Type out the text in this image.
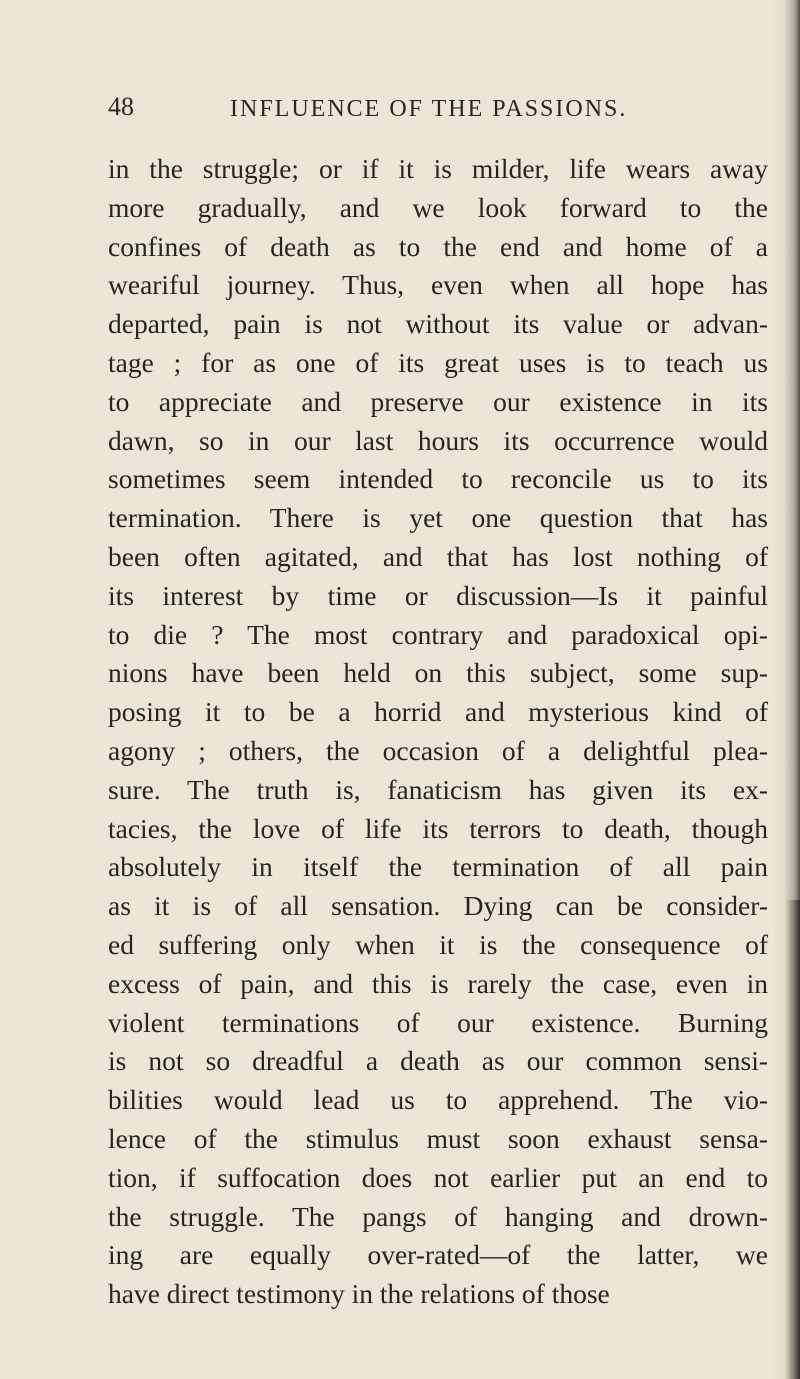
48	INFLUENCE OF THE PASSIONS.
in the struggle; or if it is milder, life wears away
more gradually, and we look forward to the
confines of death as to the end and home of a
weariful journey. Thus, even when all hope has
departed, pain is not without its value or advan-
tage ; for as one of its great uses is to teach us
to appreciate and preserve our existence in its
dawn, so in our last hours its occurrence would
sometimes seem intended to reconcile us to its
termination. There is yet one question that has
been often agitated, and that has lost nothing of
its interest by time or discussion—Is it painful
to die ? The most contrary and paradoxical opi-
nions have been held on this subject, some sup-
posing it to be a horrid and mysterious kind of
agony ; others, the occasion of a delightful plea-
sure. The truth is, fanaticism has given its ex-
tacies, the love of life its terrors to death, though
absolutely in itself the termination of all pain
as it is of all sensation. Dying can be consider-
ed suffering only when it is the consequence of
excess of pain, and this is rarely the case, even in
violent terminations of our existence. Burning
is not so dreadful a death as our common sensi-
bilities would lead us to apprehend. The vio-
lence of the stimulus must soon exhaust sensa-
tion, if suffocation does not earlier put an end to
the struggle. The pangs of hanging and drown-
ing are equally over-rated—of the latter, we
have direct testimony in the relations of those
